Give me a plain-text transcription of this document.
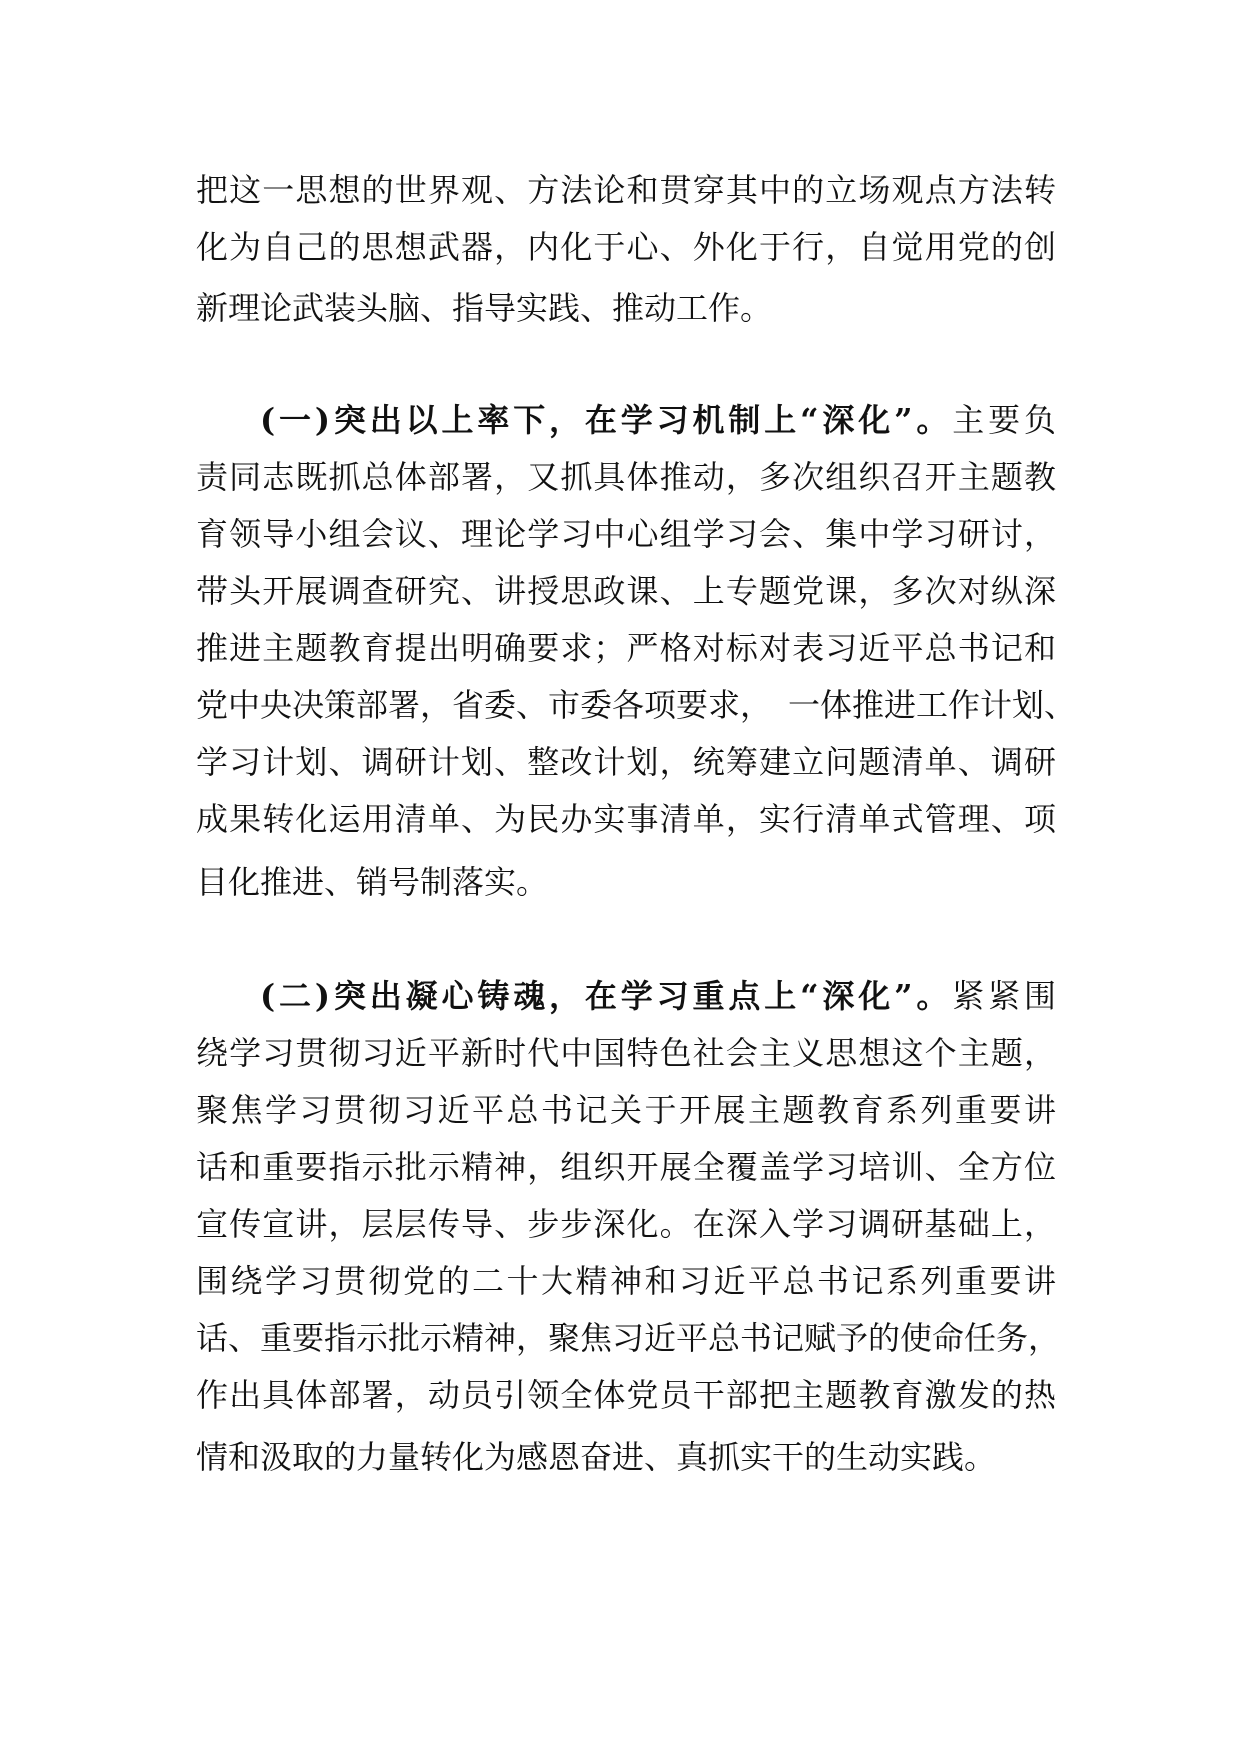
把这一思想的世界观、方法论和贯穿其中的立场观点方法转
化为自己的思想武器，内化于心、外化于行，自觉用党的创
新理论武装头脑、指导实践、推动工作。
(一)突出以上率下，在学习机制上“深化”。主要负
责同志既抓总体部署，又抓具体推动，多次组织召开主题教
育领导小组会议、理论学习中心组学习会、集中学习研讨，
带头开展调查研究、讲授思政课、上专题党课，多次对纵深
推进主题教育提出明确要求；严格对标对表习近平总书记和
党中央决策部署，省委、市委各项要求，　一体推进工作计划、
学习计划、调研计划、整改计划，统筹建立问题清单、调研
成果转化运用清单、为民办实事清单，实行清单式管理、项
目化推进、销号制落实。
(二)突出凝心铸魂，在学习重点上“深化”。紧紧围
绕学习贯彻习近平新时代中国特色社会主义思想这个主题，
聚焦学习贯彻习近平总书记关于开展主题教育系列重要讲
话和重要指示批示精神，组织开展全覆盖学习培训、全方位
宣传宣讲，层层传导、步步深化。在深入学习调研基础上，
围绕学习贯彻党的二十大精神和习近平总书记系列重要讲
话、重要指示批示精神，聚焦习近平总书记赋予的使命任务，
作出具体部署，动员引领全体党员干部把主题教育激发的热
情和汲取的力量转化为感恩奋进、真抓实干的生动实践。
